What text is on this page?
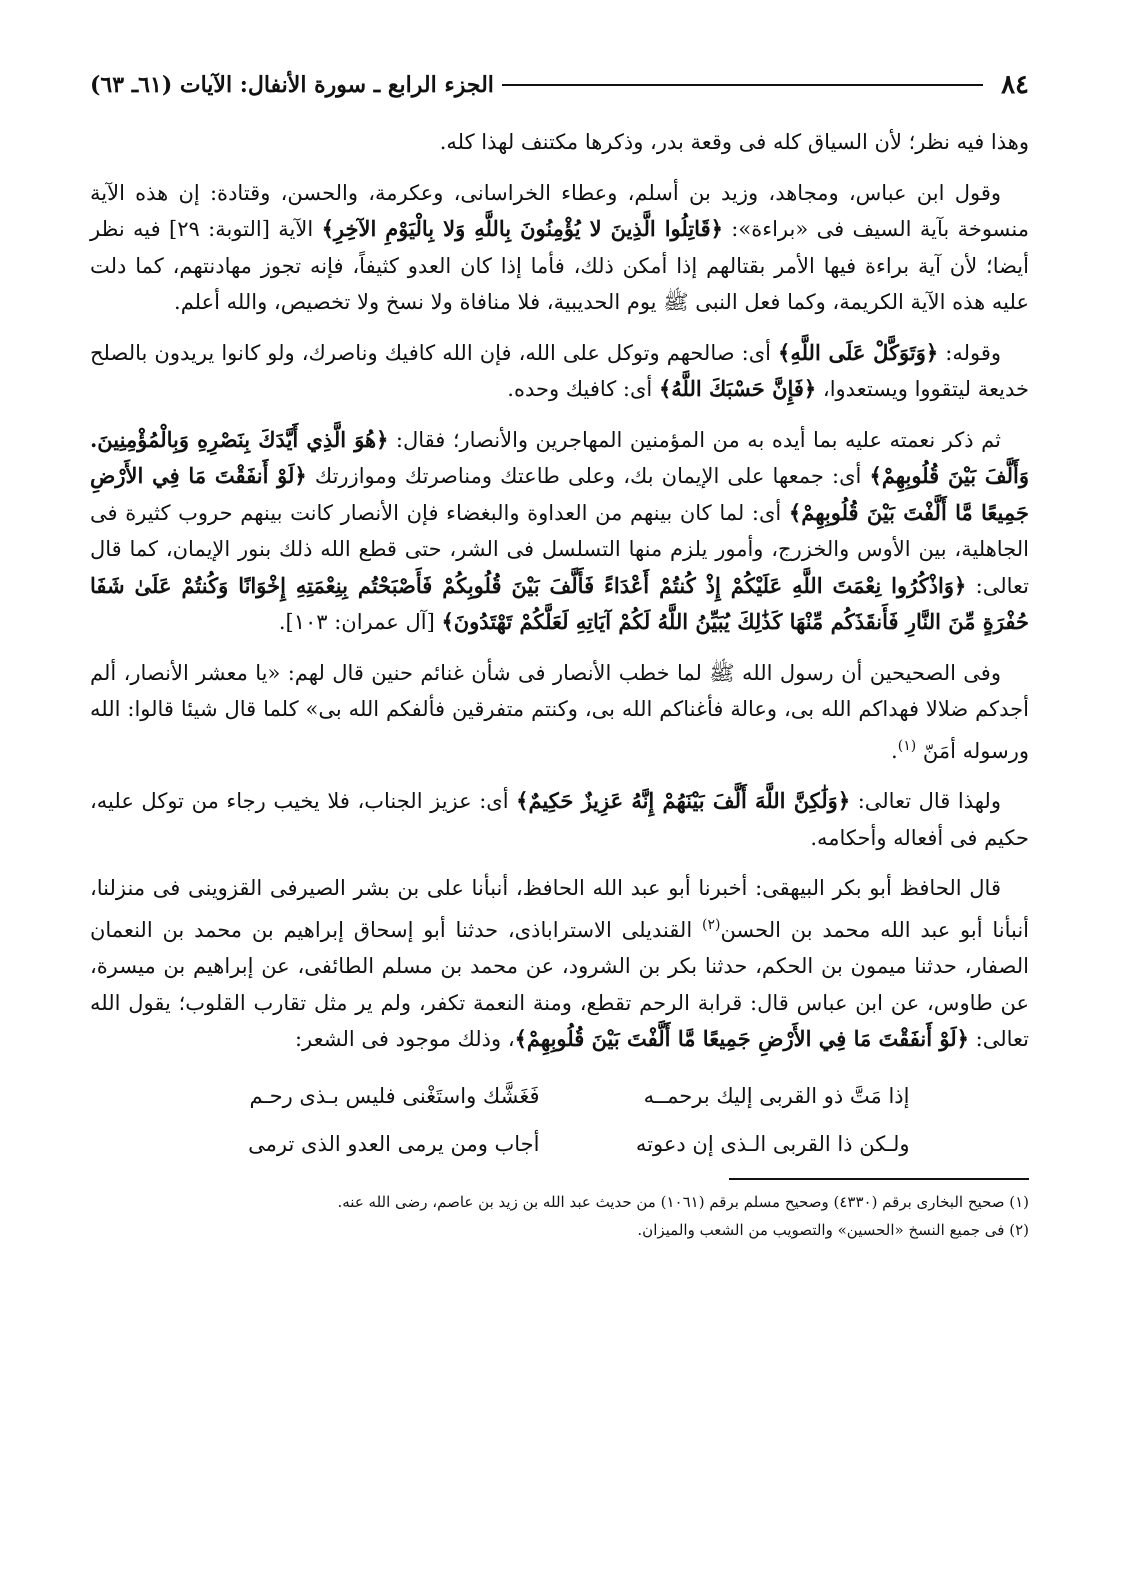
٨٤
الجزء الرابع ـ سورة الأنفال: الآيات (٦١ـ ٦٣)

وهذا فيه نظر؛ لأن السياق كله فى وقعة بدر، وذكرها مكتنف لهذا كله.

وقول ابن عباس، ومجاهد، وزيد بن أسلم، وعطاء الخراسانى، وعكرمة، والحسن، وقتادة: إن هذه الآية منسوخة بآية السيف فى «براءة»: ﴿قَاتِلُوا الَّذِينَ لا يُؤْمِنُونَ بِاللَّهِ وَلا بِالْيَوْمِ الآخِرِ﴾ الآية [التوبة: ٢٩] فيه نظر أيضا؛ لأن آية براءة فيها الأمر بقتالهم إذا أمكن ذلك، فأما إذا كان العدو كثيفاً، فإنه تجوز مهادنتهم، كما دلت عليه هذه الآية الكريمة، وكما فعل النبى ﷺ يوم الحديبية، فلا منافاة ولا نسخ ولا تخصيص، والله أعلم.

وقوله: ﴿وَتَوَكَّلْ عَلَى اللَّهِ﴾ أى: صالحهم وتوكل على الله، فإن الله كافيك وناصرك، ولو كانوا يريدون بالصلح خديعة ليتقووا ويستعدوا، ﴿فَإِنَّ حَسْبَكَ اللَّهُ﴾ أى: كافيك وحده.

ثم ذكر نعمته عليه بما أيده به من المؤمنين المهاجرين والأنصار؛ فقال: ﴿هُوَ الَّذِي أَيَّدَكَ بِنَصْرِهِ وَبِالْمُؤْمِنِينَ. وَأَلَّفَ بَيْنَ قُلُوبِهِمْ﴾ أى: جمعها على الإيمان بك، وعلى طاعتك ومناصرتك وموازرتك ﴿لَوْ أَنفَقْتَ مَا فِي الأَرْضِ جَمِيعًا مَّا أَلَّفْتَ بَيْنَ قُلُوبِهِمْ﴾ أى: لما كان بينهم من العداوة والبغضاء فإن الأنصار كانت بينهم حروب كثيرة فى الجاهلية، بين الأوس والخزرج، وأمور يلزم منها التسلسل فى الشر، حتى قطع الله ذلك بنور الإيمان، كما قال تعالى: ﴿وَاذْكُرُوا نِعْمَتَ اللَّهِ عَلَيْكُمْ إِذْ كُنتُمْ أَعْدَاءً فَأَلَّفَ بَيْنَ قُلُوبِكُمْ فَأَصْبَحْتُم بِنِعْمَتِهِ إِخْوَانًا وَكُنتُمْ عَلَىٰ شَفَا حُفْرَةٍ مِّنَ النَّارِ فَأَنقَذَكُم مِّنْهَا كَذَٰلِكَ يُبَيِّنُ اللَّهُ لَكُمْ آيَاتِهِ لَعَلَّكُمْ تَهْتَدُونَ﴾ [آل عمران: ١٠٣].

وفى الصحيحين أن رسول الله ﷺ لما خطب الأنصار فى شأن غنائم حنين قال لهم: «يا معشر الأنصار، ألم أجدكم ضلالا فهداكم الله بى، وعالة فأغناكم الله بى، وكنتم متفرقين فألفكم الله بى» كلما قال شيئا قالوا: الله ورسوله أمَنّ $^{(١)}$.

ولهذا قال تعالى: ﴿وَلَٰكِنَّ اللَّهَ أَلَّفَ بَيْنَهُمْ إِنَّهُ عَزِيزٌ حَكِيمٌ﴾ أى: عزيز الجناب، فلا يخيب رجاء من توكل عليه، حكيم فى أفعاله وأحكامه.

قال الحافظ أبو بكر البيهقى: أخبرنا أبو عبد الله الحافظ، أنبأنا على بن بشر الصيرفى القزوينى فى منزلنا، أنبأنا أبو عبد الله محمد بن الحسن$^{(٢)}$ القنديلى الاستراباذى، حدثنا أبو إسحاق إبراهيم بن محمد بن النعمان الصفار، حدثنا ميمون بن الحكم، حدثنا بكر بن الشرود، عن محمد بن مسلم الطائفى، عن إبراهيم بن ميسرة، عن طاوس، عن ابن عباس قال: قرابة الرحم تقطع، ومنة النعمة تكفر، ولم ير مثل تقارب القلوب؛ يقول الله تعالى: ﴿لَوْ أَنفَقْتَ مَا فِي الأَرْضِ جَمِيعًا مَّا أَلَّفْتَ بَيْنَ قُلُوبِهِمْ﴾، وذلك موجود فى الشعر:

إذا مَتَّ ذو القربى إليك برحمــه
فَغَشَّك واستَغْنى فليس بـذى رحـم
ولـكن ذا القربى الـذى إن دعوته
أجاب ومن يرمى العدو الذى ترمى

(١) صحيح البخارى برقم (٤٣٣٠) وصحيح مسلم برقم (١٠٦١) من حديث عبد الله بن زيد بن عاصم، رضى الله عنه.

(٢) فى جميع النسخ «الحسين» والتصويب من الشعب والميزان.
